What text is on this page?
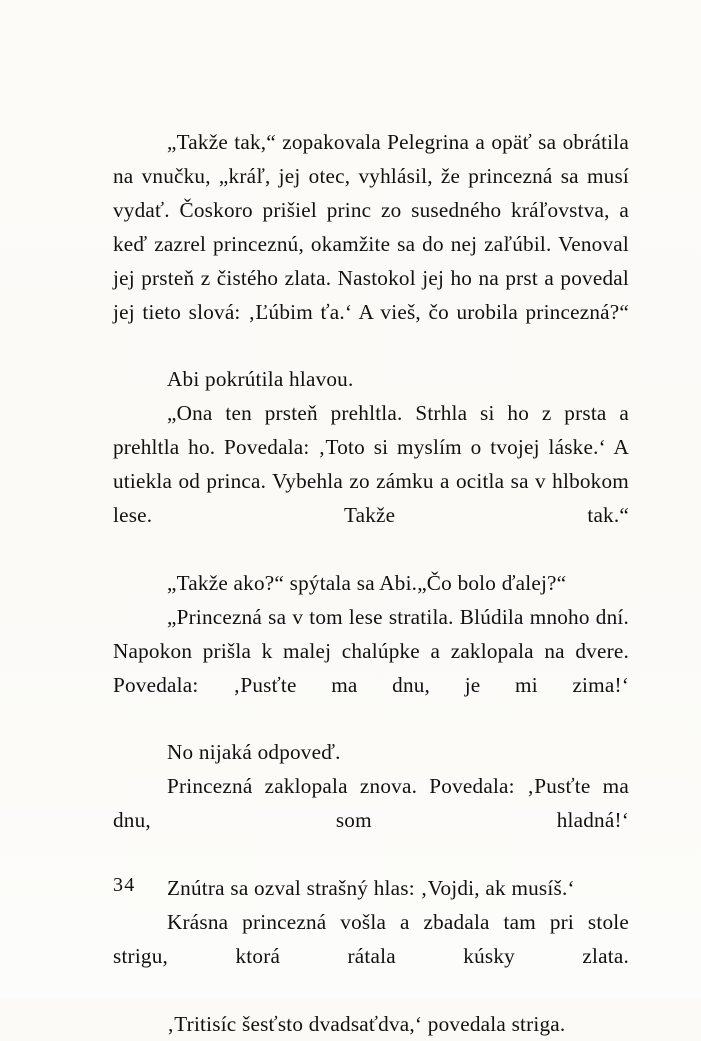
„Takže tak,“ zopakovala Pelegrina a opäť sa obrátila na vnučku, „kráľ, jej otec, vyhlásil, že princezná sa musí vydať. Čoskoro prišiel princ zo susedného kráľovstva, a keď zazrel princeznú, okamžite sa do nej zaľúbil. Venoval jej prsteň z čistého zlata. Nastokol jej ho na prst a povedal jej tieto slová: ‚Ľúbim ťa.‘ A vieš, čo urobila princezná?“

Abi pokrútila hlavou.

„Ona ten prsteň prehltla. Strhla si ho z prsta a prehltla ho. Povedala: ‚Toto si myslím o tvojej láske.‘ A utiekla od princa. Vybehla zo zámku a ocitla sa v hlbokom lese. Takže tak.“

„Takže ako?“ spýtala sa Abi.„Čo bolo ďalej?“

„Princezná sa v tom lese stratila. Blúdila mnoho dní. Napokon prišla k malej chalúpke a zaklopala na dvere. Povedala: ‚Pusťte ma dnu, je mi zima!‘

No nijaká odpoveď.

Princezná zaklopala znova. Povedala: ‚Pusťte ma dnu, som hladná!‘

Znútra sa ozval strašný hlas: ‚Vojdi, ak musíš.‘

Krásna princezná vošla a zbadala tam pri stole strigu, ktorá rátala kúsky zlata.

‚Tritisíc šesťsto dvadsaťdva,‘ povedala striga.

34
